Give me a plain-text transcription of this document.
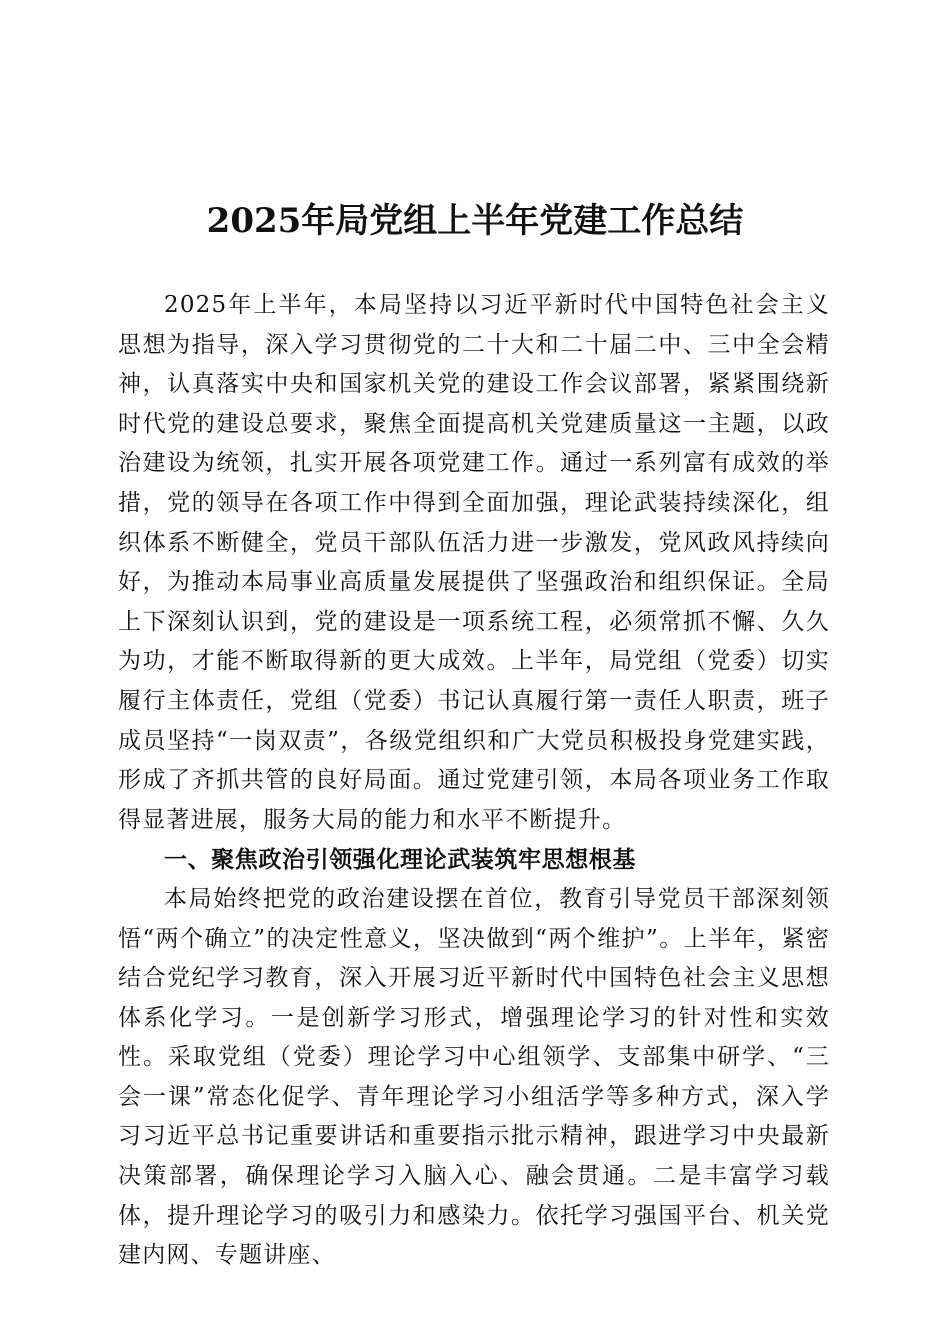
2025年局党组上半年党建工作总结

2025年上半年，本局坚持以习近平新时代中国特色社会主义思想为指导，深入学习贯彻党的二十大和二十届二中、三中全会精神，认真落实中央和国家机关党的建设工作会议部署，紧紧围绕新时代党的建设总要求，聚焦全面提高机关党建质量这一主题，以政治建设为统领，扎实开展各项党建工作。通过一系列富有成效的举措，党的领导在各项工作中得到全面加强，理论武装持续深化，组织体系不断健全，党员干部队伍活力进一步激发，党风政风持续向好，为推动本局事业高质量发展提供了坚强政治和组织保证。全局上下深刻认识到，党的建设是一项系统工程，必须常抓不懈、久久为功，才能不断取得新的更大成效。上半年，局党组（党委）切实履行主体责任，党组（党委）书记认真履行第一责任人职责，班子成员坚持“一岗双责”，各级党组织和广大党员积极投身党建实践，形成了齐抓共管的良好局面。通过党建引领，本局各项业务工作取得显著进展，服务大局的能力和水平不断提升。

一、聚焦政治引领强化理论武装筑牢思想根基

本局始终把党的政治建设摆在首位，教育引导党员干部深刻领悟“两个确立”的决定性意义，坚决做到“两个维护”。上半年，紧密结合党纪学习教育，深入开展习近平新时代中国特色社会主义思想体系化学习。一是创新学习形式，增强理论学习的针对性和实效性。采取党组（党委）理论学习中心组领学、支部集中研学、“三会一课”常态化促学、青年理论学习小组活学等多种方式，深入学习习近平总书记重要讲话和重要指示批示精神，跟进学习中央最新决策部署，确保理论学习入脑入心、融会贯通。二是丰富学习载体，提升理论学习的吸引力和感染力。依托学习强国平台、机关党建内网、专题讲座、
